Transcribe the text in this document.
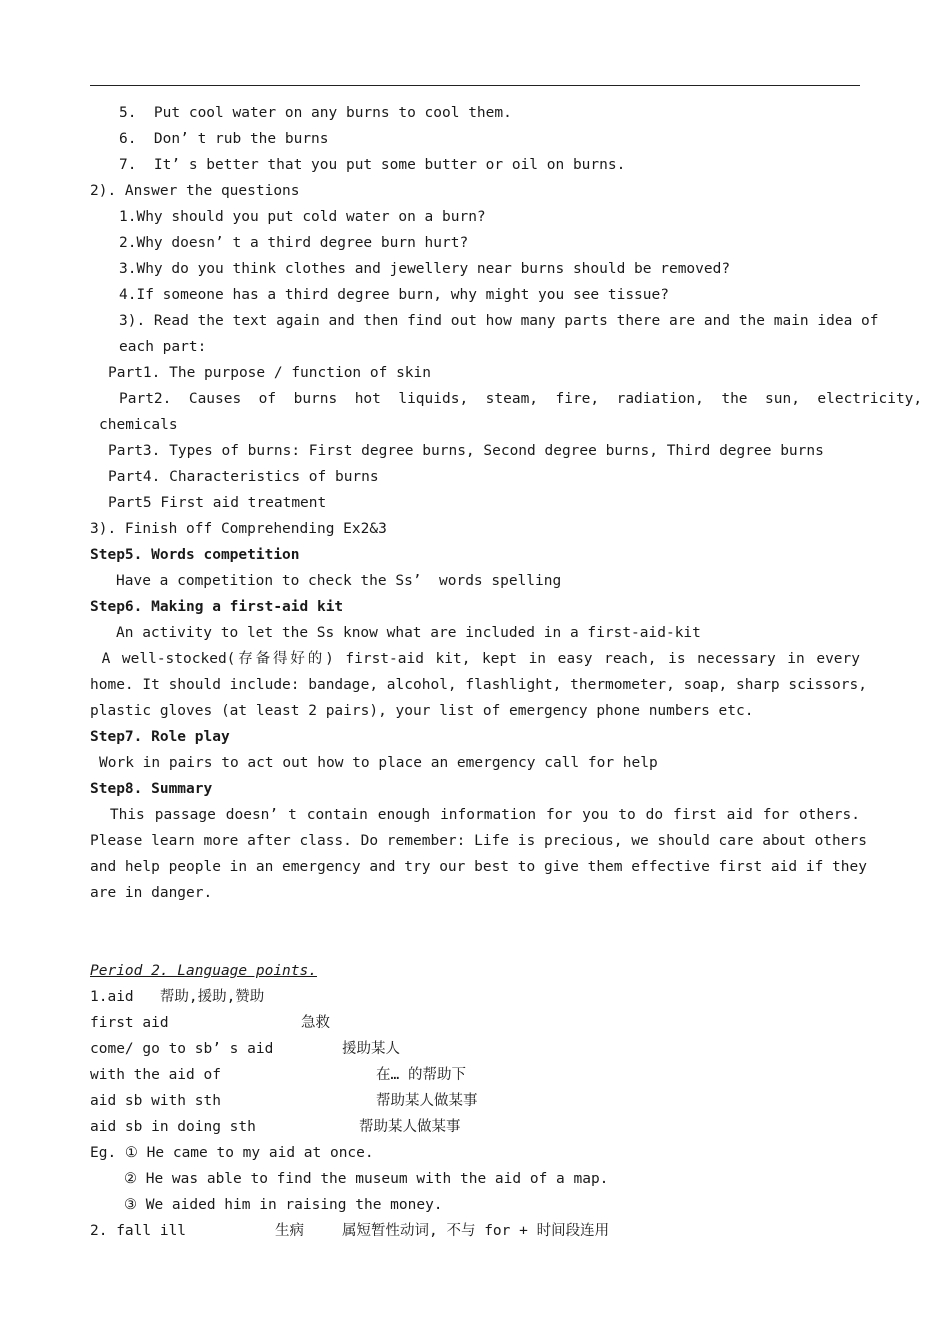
5.  Put cool water on any burns to cool them.
6.  Don’ t rub the burns
7.  It’ s better that you put some butter or oil on burns.
2). Answer the questions
1.Why should you put cold water on a burn?
2.Why doesn’ t a third degree burn hurt?
3.Why do you think clothes and jewellery near burns should be removed?
4.If someone has a third degree burn, why might you see tissue?
3). Read the text again and then find out how many parts there are and the main idea of
each part:
Part1. The purpose / function of skin
Part2.  Causes  of  burns  hot  liquids,  steam,  fire,  radiation,  the  sun,  electricity,
chemicals
Part3. Types of burns: First degree burns, Second degree burns, Third degree burns
Part4. Characteristics of burns
Part5 First aid treatment
3). Finish off Comprehending Ex2&3
Step5. Words competition
Have a competition to check the Ss’  words spelling
Step6. Making a first-aid kit
An activity to let the Ss know what are included in a first-aid-kit
A well-stocked(存备得好的) first-aid kit, kept in easy reach, is necessary in every
home. It should include: bandage, alcohol, flashlight, thermometer, soap, sharp scissors,
plastic gloves (at least 2 pairs), your list of emergency phone numbers etc.
Step7. Role play
Work in pairs to act out how to place an emergency call for help
Step8. Summary
This passage doesn’ t contain enough information for you to do first aid for others.
Please learn more after class. Do remember: Life is precious, we should care about others
and help people in an emergency and try our best to give them effective first aid if they
are in danger.
Period 2. Language points.
1.aid   帮助,援助,赞助
first aid	急救
come/ go to sb’ s aid	援助某人
with the aid of	在… 的帮助下
aid sb with sth	帮助某人做某事
aid sb in doing sth	帮助某人做某事
Eg. ① He came to my aid at once.
② He was able to find the museum with the aid of a map.
③ We aided him in raising the money.
2. fall ill	生病	属短暂性动词, 不与 for + 时间段连用
